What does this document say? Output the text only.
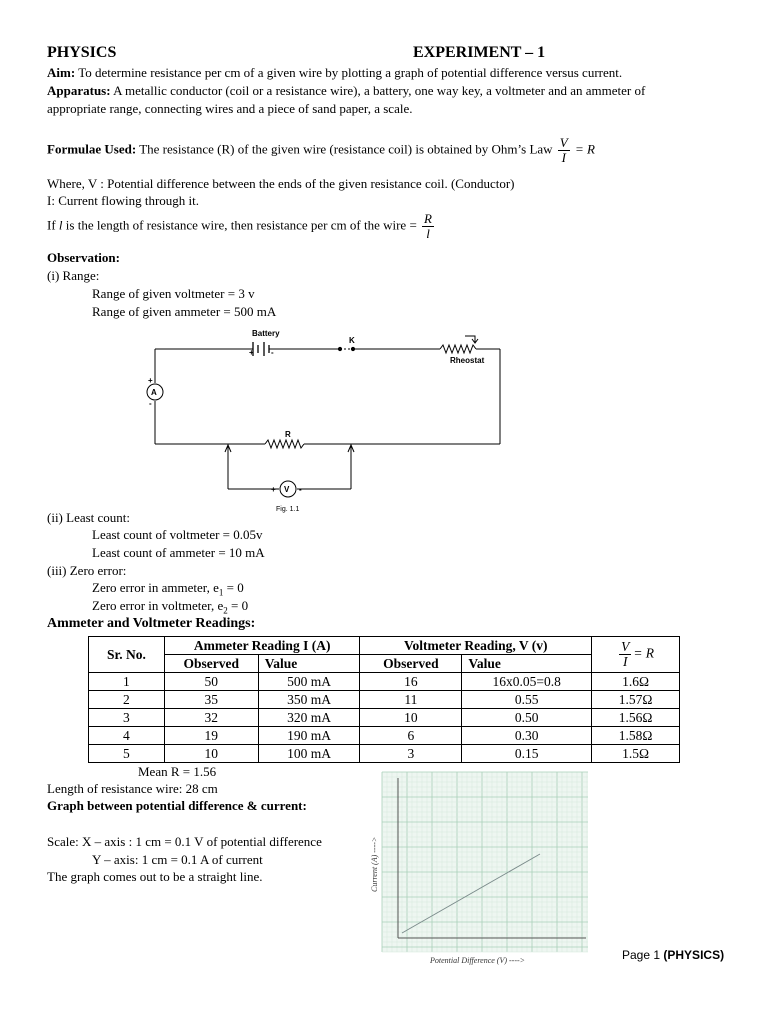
PHYSICS	EXPERIMENT – 1
Aim: To determine resistance per cm of a given wire by plotting a graph of potential difference versus current.
Apparatus: A metallic conductor (coil or a resistance wire), a battery, one way key, a voltmeter and an ammeter of
appropriate range, connecting wires and a piece of sand paper, a scale.
Formulae Used: The resistance (R) of the given wire (resistance coil) is obtained by Ohm’s Law $\frac{V}{I} = R$
Where, V : Potential difference between the ends of the given resistance coil. (Conductor)
I: Current flowing through it.
If l is the length of resistance wire, then resistance per cm of the wire = $\frac{R}{l}$
Observation:
(i) Range:
Range of given voltmeter = 3 v
Range of given ammeter = 500 mA
Battery
+ -
K
Rheostat
R
A
+
-
V
+	-
Fig. 1.1
(ii) Least count:
Least count of voltmeter = 0.05v
Least count of ammeter = 10 mA
(iii) Zero error:
Zero error in ammeter, $e_1 = 0$
Zero error in voltmeter, $e_2 = 0$
Ammeter and Voltmeter Readings:
Sr. No.	Ammeter Reading I (A)		Voltmeter Reading, V (v)		$\frac{V}{I} = R$
	Observed	Value	Observed	Value	
1	50	500 mA	16	16x0.05=0.8	1.6Ω
2	35	350 mA	11	0.55	1.57Ω
3	32	320 mA	10	0.50	1.56Ω
4	19	190 mA	6	0.30	1.58Ω
5	10	100 mA	3	0.15	1.5Ω
Mean R = 1.56
Length of resistance wire: 28 cm
Graph between potential difference & current:
Scale: X – axis : 1 cm = 0.1 V of potential difference
Y – axis: 1 cm = 0.1 A of current
The graph comes out to be a straight line.	Current (A) ---->
Potential Difference (V) ---->	Page 1 (PHYSICS)
